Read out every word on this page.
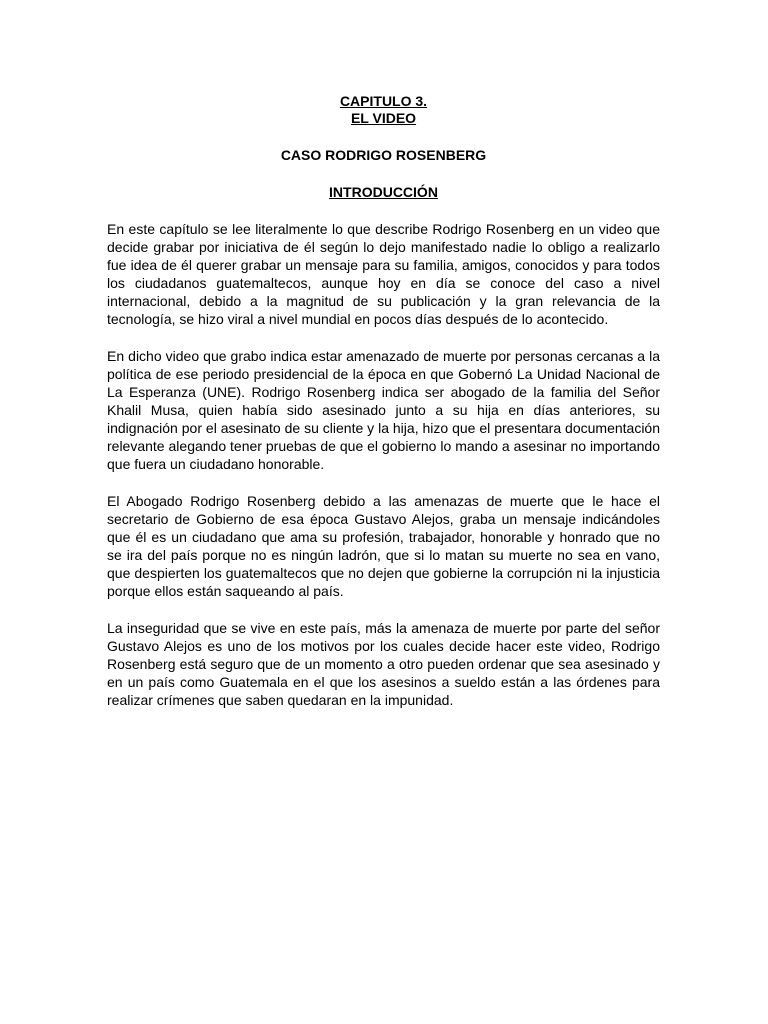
CAPITULO 3.

EL VIDEO

CASO RODRIGO ROSENBERG

INTRODUCCIÓN

En este capítulo se lee literalmente lo que describe Rodrigo Rosenberg en un video que decide grabar por iniciativa de él según lo dejo manifestado nadie lo obligo a realizarlo fue idea de él querer grabar un mensaje para su familia, amigos, conocidos y para todos los ciudadanos guatemaltecos, aunque hoy en día se conoce del caso a nivel internacional, debido a la magnitud de su publicación y la gran relevancia de la tecnología, se hizo viral a nivel mundial en pocos días después de lo acontecido.

En dicho video que grabo indica estar amenazado de muerte por personas cercanas a la política de ese periodo presidencial de la época en que Gobernó La Unidad Nacional de La Esperanza (UNE). Rodrigo Rosenberg indica ser abogado de la familia del Señor Khalil Musa, quien había sido asesinado junto a su hija en días anteriores, su indignación por el asesinato de su cliente y la hija, hizo que el presentara documentación relevante alegando tener pruebas de que el gobierno lo mando a asesinar no importando que fuera un ciudadano honorable.

El Abogado Rodrigo Rosenberg debido a las amenazas de muerte que le hace el secretario de Gobierno de esa época Gustavo Alejos, graba un mensaje indicándoles que él es un ciudadano que ama su profesión, trabajador, honorable y honrado que no se ira del país porque no es ningún ladrón, que si lo matan su muerte no sea en vano, que despierten los guatemaltecos que no dejen que gobierne la corrupción ni la injusticia porque ellos están saqueando al país.

La inseguridad que se vive en este país, más la amenaza de muerte por parte del señor Gustavo Alejos es uno de los motivos por los cuales decide hacer este video, Rodrigo Rosenberg está seguro que de un momento a otro pueden ordenar que sea asesinado y en un país como Guatemala en el que los asesinos a sueldo están a las órdenes para realizar crímenes que saben quedaran en la impunidad.
